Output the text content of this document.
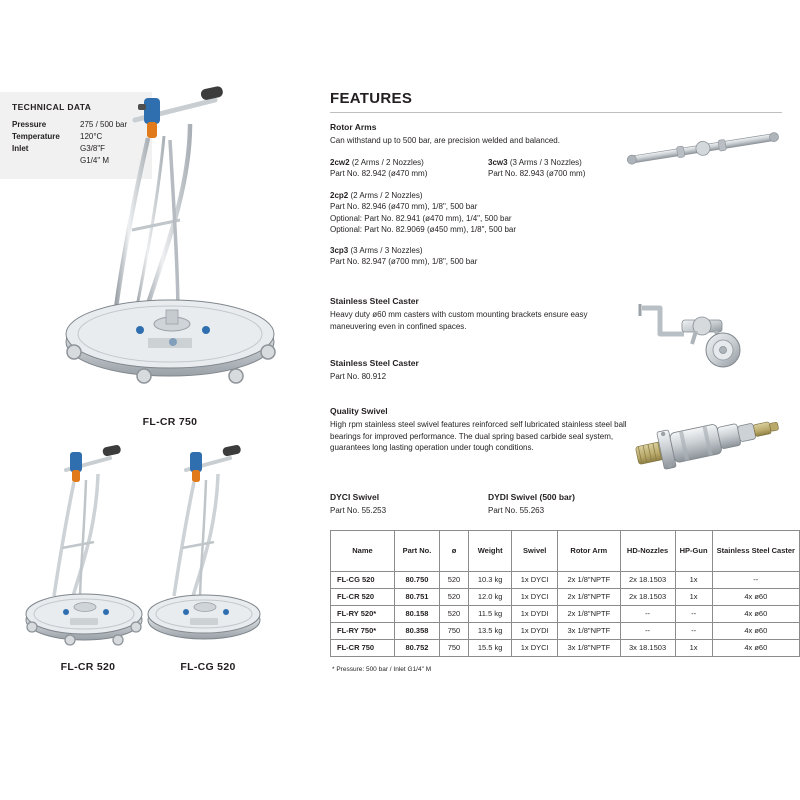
TECHNICAL DATA
Pressure	275 / 500 bar
Temperature	120°C
Inlet	G3/8"F
G1/4" M
FL-CR 750
FL-CR 520	FL-CG 520
FEATURES
Rotor Arms
Can withstand up to 500 bar, are precision welded and balanced.
2cw2 (2 Arms / 2 Nozzles)
Part No. 82.942 (ø470 mm)
3cw3 (3 Arms / 3 Nozzles)
Part No. 82.943 (ø700 mm)
2cp2 (2 Arms / 2 Nozzles)
Part No. 82.946 (ø470 mm), 1/8", 500 bar
Optional: Part No. 82.941 (ø470 mm), 1/4", 500 bar
Optional: Part No. 82.9069 (ø450 mm), 1/8", 500 bar
3cp3 (3 Arms / 3 Nozzles)
Part No. 82.947 (ø700 mm), 1/8", 500 bar
Stainless Steel Caster
Heavy duty ø60 mm casters with custom mounting brackets ensure easy maneuvering even in confined spaces.
Stainless Steel Caster
Part No. 80.912
Quality Swivel
High rpm stainless steel swivel features reinforced self lubricated stainless steel ball bearings for improved performance. The dual spring based carbide seal system, guarantees long lasting operation under tough conditions.
DYCI Swivel
Part No. 55.253
DYDI Swivel (500 bar)
Part No. 55.263
Name	Part No.	ø	Weight	Swivel	Rotor Arm	HD-Nozzles	HP-Gun	Stainless Steel Caster
FL-CG 520	80.750	520	10.3 kg	1x DYCI	2x 1/8"NPTF	2x 18.1503	1x	--
FL-CR 520	80.751	520	12.0 kg	1x DYCI	2x 1/8"NPTF	2x 18.1503	1x	4x ø60
FL-RY 520*	80.158	520	11.5 kg	1x DYDI	2x 1/8"NPTF	--	--	4x ø60
FL-RY 750*	80.358	750	13.5 kg	1x DYDI	3x 1/8"NPTF	--	--	4x ø60
FL-CR 750	80.752	750	15.5 kg	1x DYCI	3x 1/8"NPTF	3x 18.1503	1x	4x ø60
* Pressure: 500 bar / Inlet G1/4" M
